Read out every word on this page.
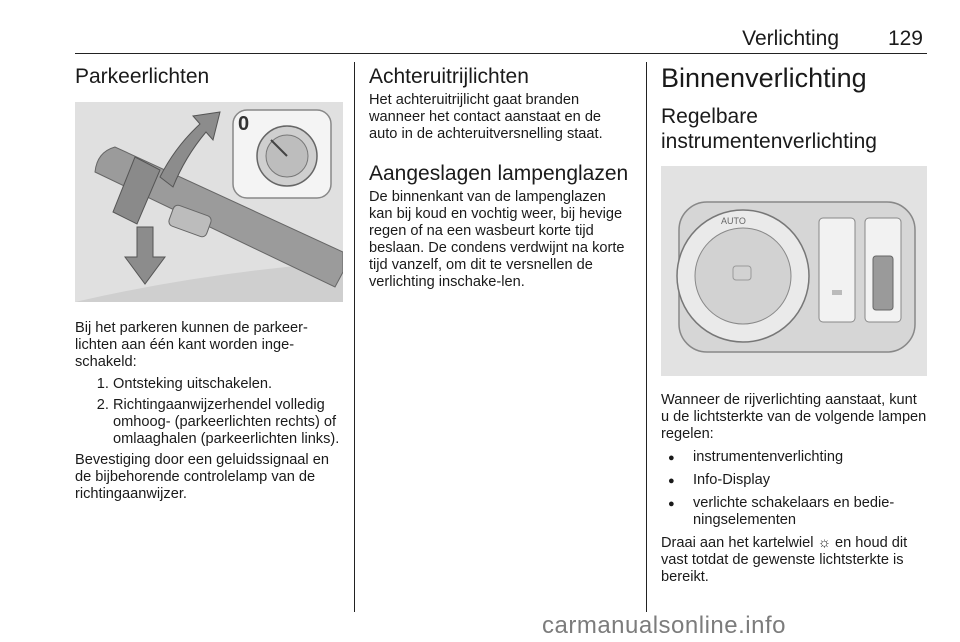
Verlichting 129
Parkeerlichten
0

Bij het parkeren kunnen de parkeer-lichten aan één kant worden inge-schakeld:

1. Ontsteking uitschakelen.
2. Richtingaanwijzerhendel volledig omhoog- (parkeerlichten rechts) of omlaaghalen (parkeerlichten links).

Bevestiging door een geluidssignaal en de bijbehorende controlelamp van de richtingaanwijzer.

Achteruitrijlichten

Het achteruitrijlicht gaat branden wanneer het contact aanstaat en de auto in de achteruitversnelling staat.

Aangeslagen lampenglazen

De binnenkant van de lampenglazen kan bij koud en vochtig weer, bij hevige regen of na een wasbeurt korte tijd beslaan. De condens verdwijnt na korte tijd vanzelf, om dit te versnellen de verlichting inschake-len.

Binnenverlichting
Regelbare instrumentenverlichting
AUTO

Wanneer de rijverlichting aanstaat, kunt u de lichtsterkte van de volgende lampen regelen:

● instrumentenverlichting
● Info-Display
● verlichte schakelaars en bedie-ningselementen

Draai aan het kartelwiel ☼ en houd dit vast totdat de gewenste lichtsterkte is bereikt.

carmanualsonline.info
